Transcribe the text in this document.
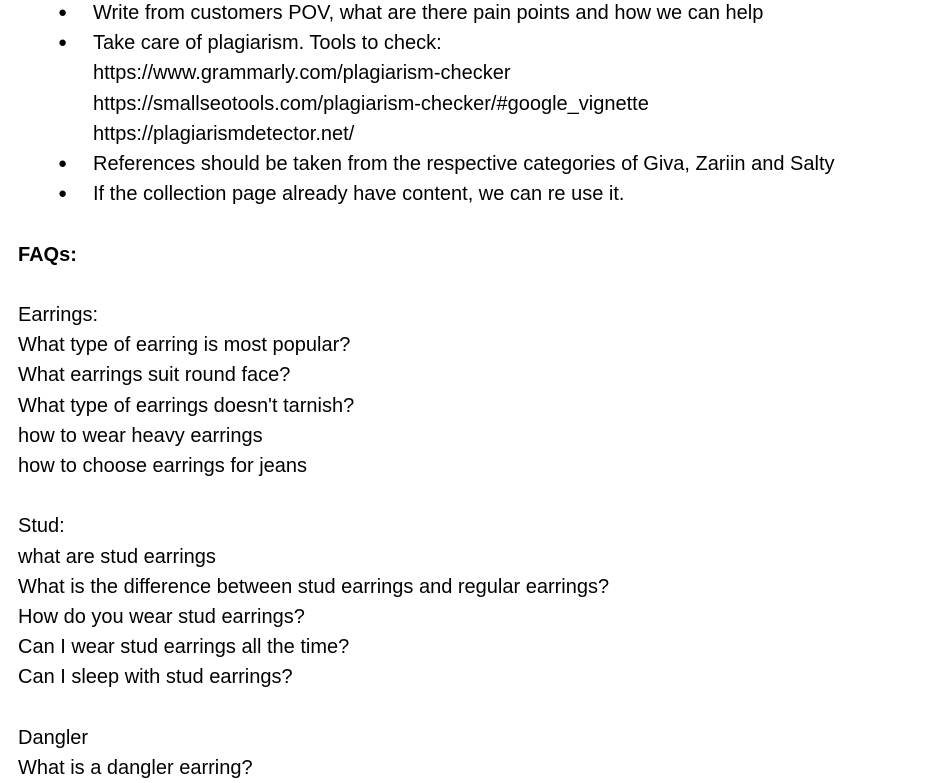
● Write from customers POV, what are there pain points and how we can help
● Take care of plagiarism. Tools to check:
https://www.grammarly.com/plagiarism-checker
https://smallseotools.com/plagiarism-checker/#google_vignette
https://plagiarismdetector.net/
● References should be taken from the respective categories of Giva, Zariin and Salty
● If the collection page already have content, we can re use it.
FAQs:
Earrings:
What type of earring is most popular?
What earrings suit round face?
What type of earrings doesn't tarnish?
how to wear heavy earrings
how to choose earrings for jeans
Stud:
what are stud earrings
What is the difference between stud earrings and regular earrings?
How do you wear stud earrings?
Can I wear stud earrings all the time?
Can I sleep with stud earrings?
Dangler
What is a dangler earring?
